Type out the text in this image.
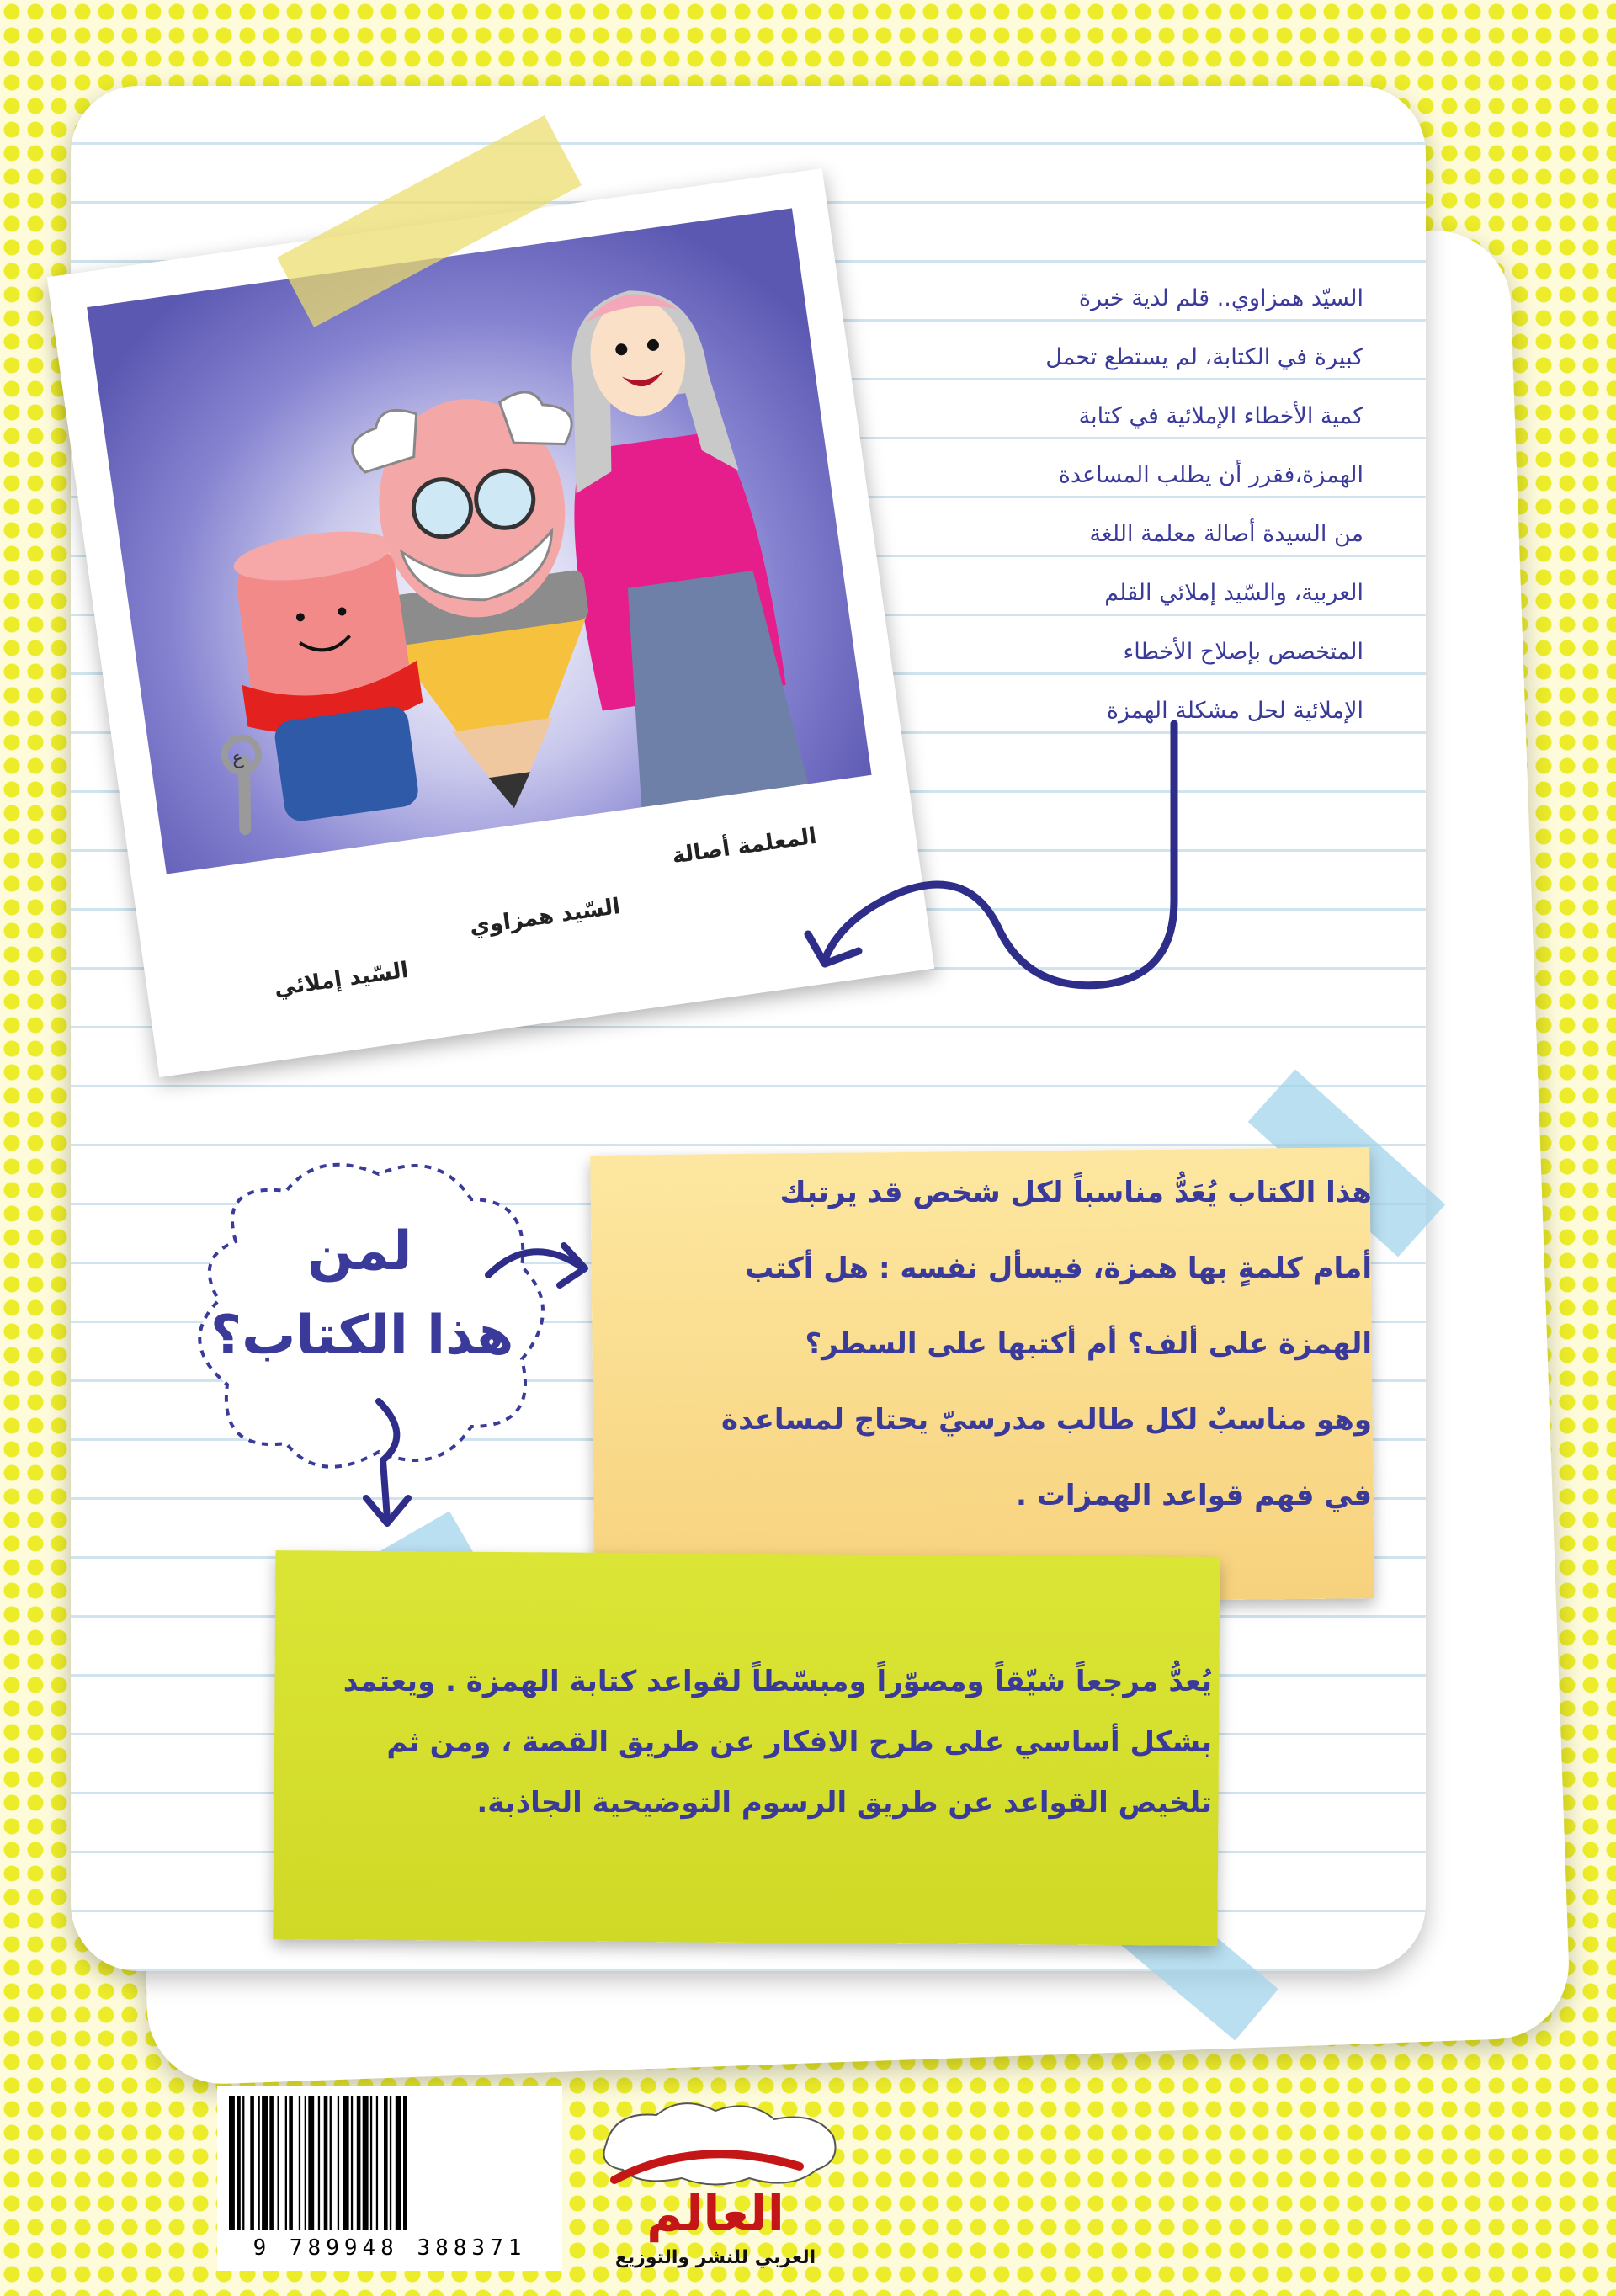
ع
المعلمة أصالة
السّيد همزاوي
السّيد إملائي
السيّد همزاوي.. قلم لدية خبرة
كبيرة في الكتابة، لم يستطع تحمل
كمية الأخطاء الإملائية في كتابة
الهمزة،فقرر أن يطلب المساعدة
من السيدة أصالة معلمة اللغة
العربية، والسّيد إملائي القلم
المتخصص بإصلاح الأخطاء
الإملائية لحل مشكلة الهمزة
هذا الكتاب يُعَدُّ مناسباً لكل شخص قد يرتبك
أمام كلمةٍ بها همزة، فيسأل نفسه : هل أكتب
الهمزة على ألف؟ أم أكتبها على السطر؟
وهو مناسبٌ لكل طالب مدرسيّ يحتاج لمساعدة
في فهم قواعد الهمزات .
يُعدُّ مرجعاً شيّقاً ومصوّراً ومبسّطاً لقواعد كتابة الهمزة . ويعتمد
بشكل أساسي على طرح الافكار عن طريق القصة ، ومن ثم
تلخيص القواعد عن طريق الرسوم التوضيحية الجاذبة.
لمن
هذا الكتاب؟
9 789948 388371
العالم
العربي للنشر والتوزيع
